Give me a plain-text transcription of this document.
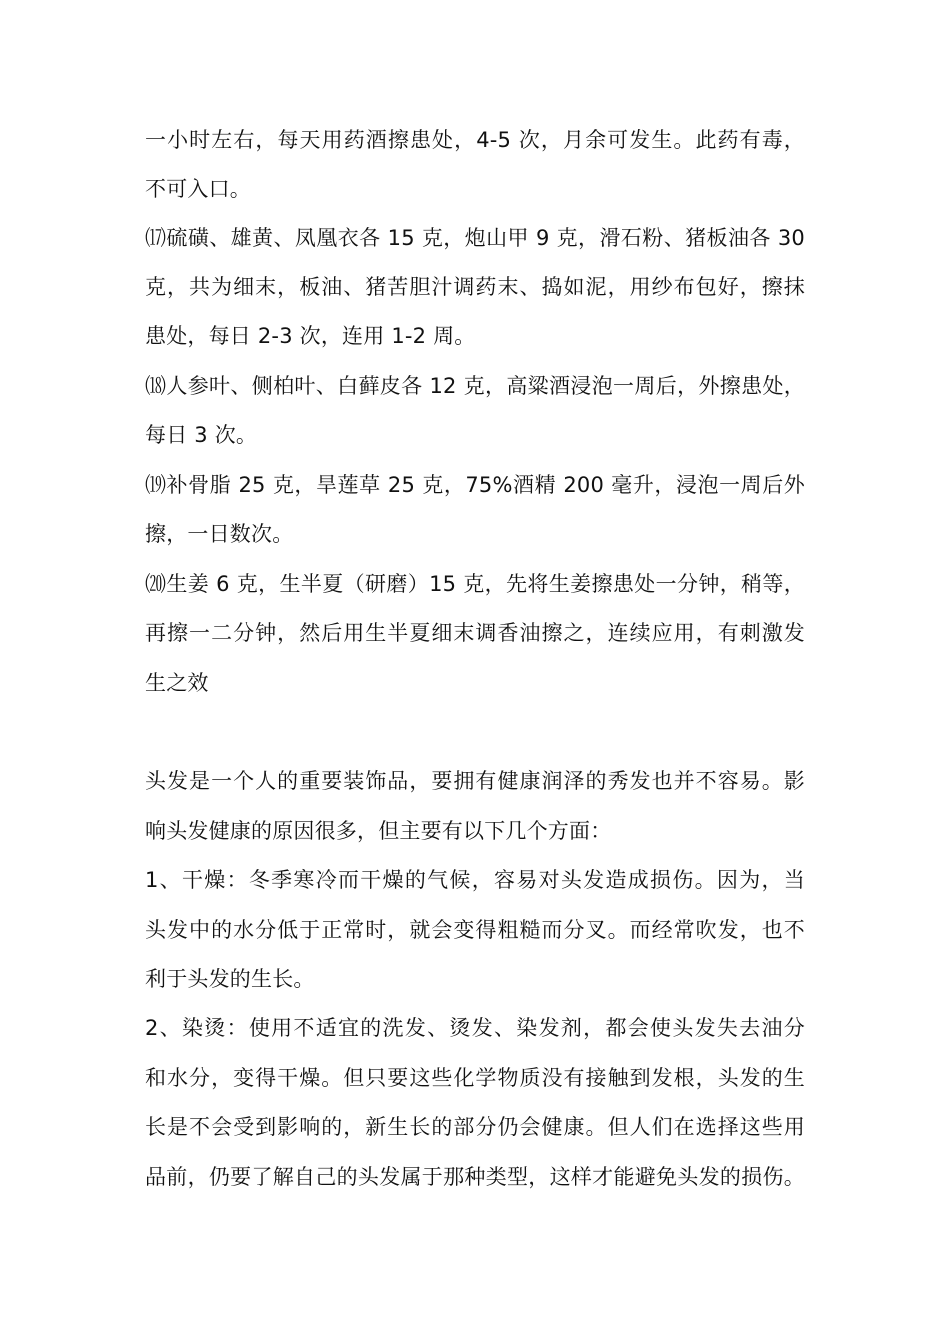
一小时左右，每天用药酒擦患处，4-5 次，月余可发生。此药有毒，
不可入口。
⒄硫磺、雄黄、凤凰衣各 15 克，炮山甲 9 克，滑石粉、猪板油各 30
克，共为细末，板油、猪苦胆汁调药末、捣如泥，用纱布包好，擦抹
患处，每日 2-3 次，连用 1-2 周。
⒅人参叶、侧柏叶、白藓皮各 12 克，高粱酒浸泡一周后，外擦患处，
每日 3 次。
⒆补骨脂 25 克，旱莲草 25 克，75%酒精 200 毫升，浸泡一周后外
擦，一日数次。
⒇生姜 6 克，生半夏（研磨）15 克，先将生姜擦患处一分钟，稍等，
再擦一二分钟，然后用生半夏细末调香油擦之，连续应用，有刺激发
生之效
头发是一个人的重要装饰品，要拥有健康润泽的秀发也并不容易。影
响头发健康的原因很多，但主要有以下几个方面：
1、干燥：冬季寒冷而干燥的气候，容易对头发造成损伤。因为，当
头发中的水分低于正常时，就会变得粗糙而分叉。而经常吹发，也不
利于头发的生长。
2、染烫：使用不适宜的洗发、烫发、染发剂，都会使头发失去油分
和水分，变得干燥。但只要这些化学物质没有接触到发根，头发的生
长是不会受到影响的，新生长的部分仍会健康。但人们在选择这些用
品前，仍要了解自己的头发属于那种类型，这样才能避免头发的损伤。
